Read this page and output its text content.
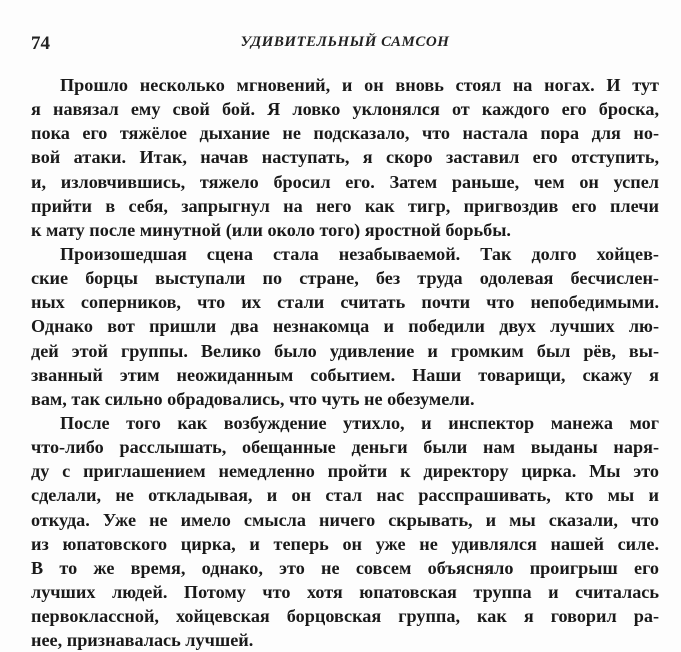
74	УДИВИТЕЛЬНЫЙ САМСОН
Прошло несколько мгновений, и он вновь стоял на ногах. И тут
я навязал ему свой бой. Я ловко уклонялся от каждого его броска,
пока его тяжёлое дыхание не подсказало, что настала пора для но-
вой атаки. Итак, начав наступать, я скоро заставил его отступить,
и, изловчившись, тяжело бросил его. Затем раньше, чем он успел
прийти в себя, запрыгнул на него как тигр, пригвоздив его плечи
к мату после минутной (или около того) яростной борьбы.
Произошедшая сцена стала незабываемой. Так долго хойцев-
ские борцы выступали по стране, без труда одолевая бесчислен-
ных соперников, что их стали считать почти что непобедимыми.
Однако вот пришли два незнакомца и победили двух лучших лю-
дей этой группы. Велико было удивление и громким был рёв, вы-
званный этим неожиданным событием. Наши товарищи, скажу я
вам, так сильно обрадовались, что чуть не обезумели.
После того как возбуждение утихло, и инспектор манежа мог
что-либо расслышать, обещанные деньги были нам выданы наря-
ду с приглашением немедленно пройти к директору цирка. Мы это
сделали, не откладывая, и он стал нас расспрашивать, кто мы и
откуда. Уже не имело смысла ничего скрывать, и мы сказали, что
из юпатовского цирка, и теперь он уже не удивлялся нашей силе.
В то же время, однако, это не совсем объясняло проигрыш его
лучших людей. Потому что хотя юпатовская труппа и считалась
первоклассной, хойцевская борцовская группа, как я говорил ра-
нее, признавалась лучшей.
